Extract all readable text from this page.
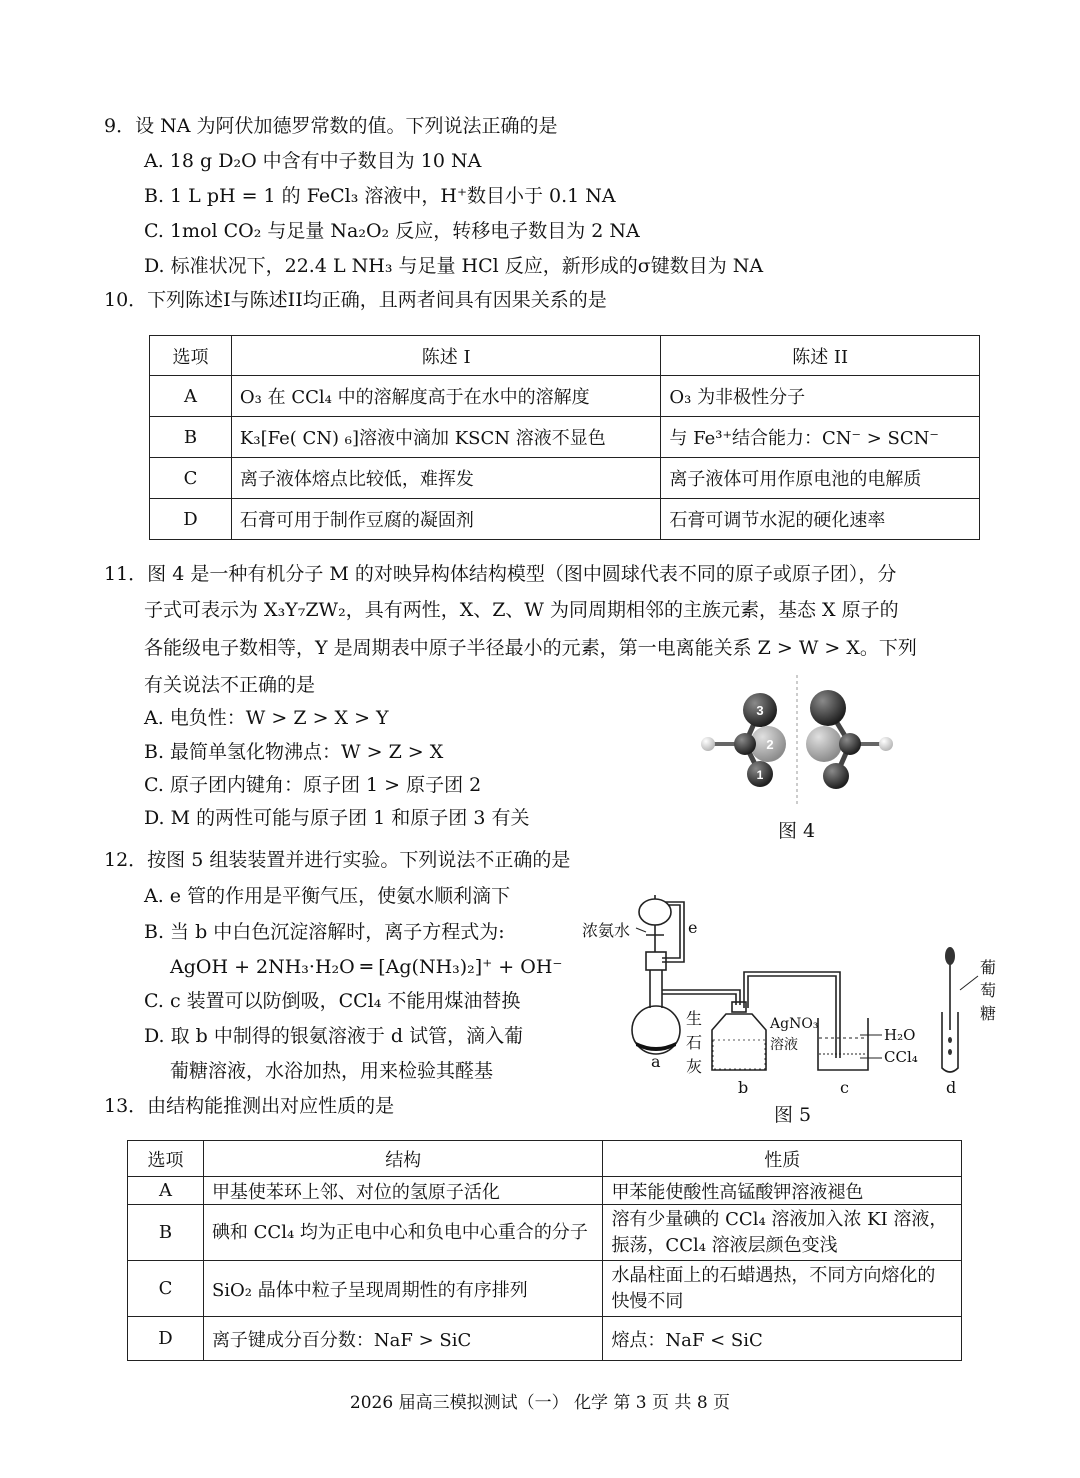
9．设 NA 为阿伏加德罗常数的值。下列说法正确的是
A. 18 g D₂O 中含有中子数目为 10 NA
B. 1 L pH = 1 的 FeCl₃ 溶液中，H⁺数目小于 0.1 NA
C. 1mol CO₂ 与足量 Na₂O₂ 反应，转移电子数目为 2 NA
D. 标准状况下，22.4 L NH₃ 与足量 HCl 反应，新形成的σ键数目为 NA
10．下列陈述I与陈述II均正确，且两者间具有因果关系的是
选项	陈述 I	陈述 II
A	O₃ 在 CCl₄ 中的溶解度高于在水中的溶解度	O₃ 为非极性分子
B	K₃[Fe( CN) ₆]溶液中滴加 KSCN 溶液不显色	与 Fe³⁺结合能力：CN⁻ > SCN⁻
C	离子液体熔点比较低，难挥发	离子液体可用作原电池的电解质
D	石膏可用于制作豆腐的凝固剂	石膏可调节水泥的硬化速率
11．图 4 是一种有机分子 M 的对映异构体结构模型（图中圆球代表不同的原子或原子团），分
子式可表示为 X₃Y₇ZW₂，具有两性，X、Z、W 为同周期相邻的主族元素，基态 X 原子的
各能级电子数相等，Y 是周期表中原子半径最小的元素，第一电离能关系 Z > W > X。下列
有关说法不正确的是
A. 电负性：W > Z > X > Y
B. 最简单氢化物沸点：W > Z > X
C. 原子团内键角：原子团 1 > 原子团 2
D. M 的两性可能与原子团 1 和原子团 3 有关
3
2
1
图 4
12．按图 5 组装装置并进行实验。下列说法不正确的是
A. e 管的作用是平衡气压，使氨水顺利滴下
B. 当 b 中白色沉淀溶解时，离子方程式为:
AgOH + 2NH₃·H₂O ═ [Ag(NH₃)₂]⁺ + OH⁻
C. c 装置可以防倒吸，CCl₄ 不能用煤油替换
D. 取 b 中制得的银氨溶液于 d 试管，滴入葡
葡糖溶液，水浴加热，用来检验其醛基
浓氨水	e
生
石
灰
a
AgNO₃
溶液
b
H₂O
CCl₄
c
葡
萄
糖
d
图 5
13．由结构能推测出对应性质的是
选项	结构	性质
A	甲基使苯环上邻、对位的氢原子活化	甲苯能使酸性高锰酸钾溶液褪色
B	碘和 CCl₄ 均为正电中心和负电中心重合的分子	溶有少量碘的 CCl₄ 溶液加入浓 KI 溶液，振荡，CCl₄ 溶液层颜色变浅
C	SiO₂ 晶体中粒子呈现周期性的有序排列	水晶柱面上的石蜡遇热，不同方向熔化的快慢不同
D	离子键成分百分数：NaF > SiC	熔点：NaF < SiC
2026 届高三模拟测试（一） 化学 第 3 页 共 8 页
